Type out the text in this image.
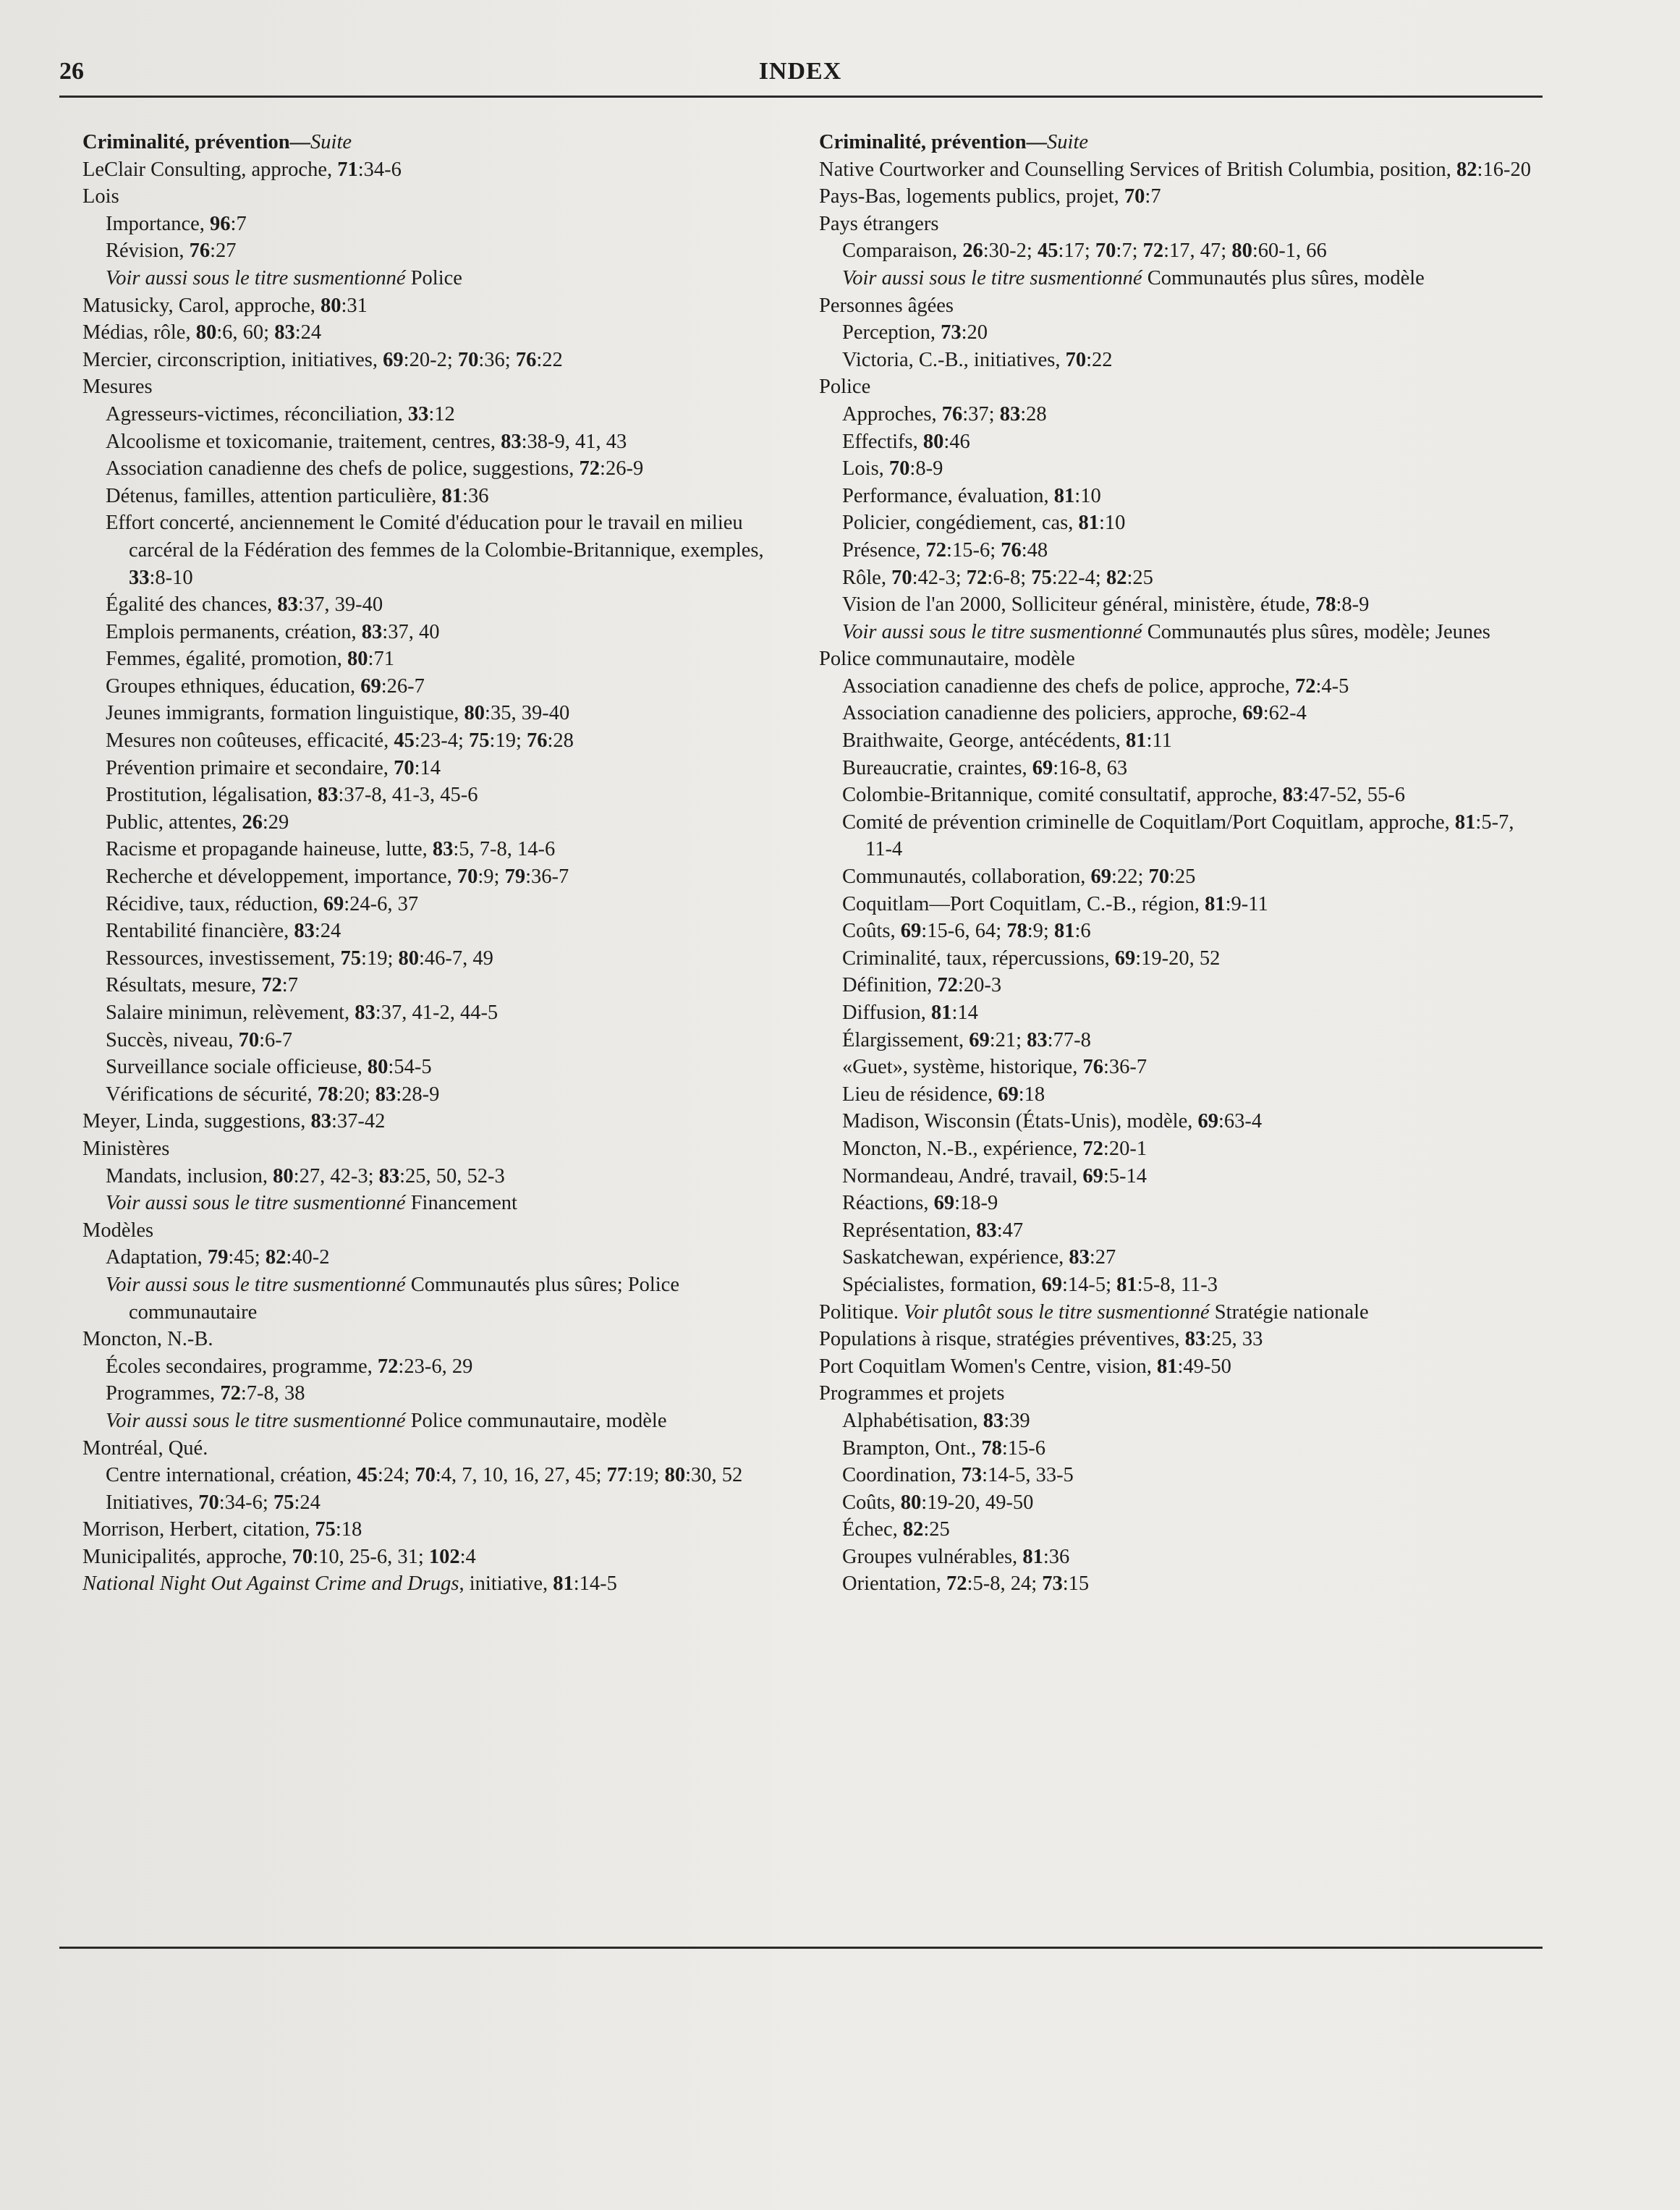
26	INDEX
Criminalité, prévention—Suite
LeClair Consulting, approche, 71:34-6
Lois
Importance, 96:7
Révision, 76:27
Voir aussi sous le titre susmentionné Police
Matusicky, Carol, approche, 80:31
Médias, rôle, 80:6, 60; 83:24
Mercier, circonscription, initiatives, 69:20-2; 70:36; 76:22
Mesures
Agresseurs-victimes, réconciliation, 33:12
Alcoolisme et toxicomanie, traitement, centres, 83:38-9, 41, 43
Association canadienne des chefs de police, suggestions, 72:26-9
Détenus, familles, attention particulière, 81:36
Effort concerté, anciennement le Comité d'éducation pour le travail en milieu carcéral de la Fédération des femmes de la Colombie-Britannique, exemples, 33:8-10
Égalité des chances, 83:37, 39-40
Emplois permanents, création, 83:37, 40
Femmes, égalité, promotion, 80:71
Groupes ethniques, éducation, 69:26-7
Jeunes immigrants, formation linguistique, 80:35, 39-40
Mesures non coûteuses, efficacité, 45:23-4; 75:19; 76:28
Prévention primaire et secondaire, 70:14
Prostitution, légalisation, 83:37-8, 41-3, 45-6
Public, attentes, 26:29
Racisme et propagande haineuse, lutte, 83:5, 7-8, 14-6
Recherche et développement, importance, 70:9; 79:36-7
Récidive, taux, réduction, 69:24-6, 37
Rentabilité financière, 83:24
Ressources, investissement, 75:19; 80:46-7, 49
Résultats, mesure, 72:7
Salaire minimun, relèvement, 83:37, 41-2, 44-5
Succès, niveau, 70:6-7
Surveillance sociale officieuse, 80:54-5
Vérifications de sécurité, 78:20; 83:28-9
Meyer, Linda, suggestions, 83:37-42
Ministères
Mandats, inclusion, 80:27, 42-3; 83:25, 50, 52-3
Voir aussi sous le titre susmentionné Financement
Modèles
Adaptation, 79:45; 82:40-2
Voir aussi sous le titre susmentionné Communautés plus sûres; Police communautaire
Moncton, N.-B.
Écoles secondaires, programme, 72:23-6, 29
Programmes, 72:7-8, 38
Voir aussi sous le titre susmentionné Police communautaire, modèle
Montréal, Qué.
Centre international, création, 45:24; 70:4, 7, 10, 16, 27, 45; 77:19; 80:30, 52
Initiatives, 70:34-6; 75:24
Morrison, Herbert, citation, 75:18
Municipalités, approche, 70:10, 25-6, 31; 102:4
National Night Out Against Crime and Drugs, initiative, 81:14-5
Criminalité, prévention—Suite
Native Courtworker and Counselling Services of British Columbia, position, 82:16-20
Pays-Bas, logements publics, projet, 70:7
Pays étrangers
Comparaison, 26:30-2; 45:17; 70:7; 72:17, 47; 80:60-1, 66
Voir aussi sous le titre susmentionné Communautés plus sûres, modèle
Personnes âgées
Perception, 73:20
Victoria, C.-B., initiatives, 70:22
Police
Approches, 76:37; 83:28
Effectifs, 80:46
Lois, 70:8-9
Performance, évaluation, 81:10
Policier, congédiement, cas, 81:10
Présence, 72:15-6; 76:48
Rôle, 70:42-3; 72:6-8; 75:22-4; 82:25
Vision de l'an 2000, Solliciteur général, ministère, étude, 78:8-9
Voir aussi sous le titre susmentionné Communautés plus sûres, modèle; Jeunes
Police communautaire, modèle
Association canadienne des chefs de police, approche, 72:4-5
Association canadienne des policiers, approche, 69:62-4
Braithwaite, George, antécédents, 81:11
Bureaucratie, craintes, 69:16-8, 63
Colombie-Britannique, comité consultatif, approche, 83:47-52, 55-6
Comité de prévention criminelle de Coquitlam/Port Coquitlam, approche, 81:5-7, 11-4
Communautés, collaboration, 69:22; 70:25
Coquitlam—Port Coquitlam, C.-B., région, 81:9-11
Coûts, 69:15-6, 64; 78:9; 81:6
Criminalité, taux, répercussions, 69:19-20, 52
Définition, 72:20-3
Diffusion, 81:14
Élargissement, 69:21; 83:77-8
«Guet», système, historique, 76:36-7
Lieu de résidence, 69:18
Madison, Wisconsin (États-Unis), modèle, 69:63-4
Moncton, N.-B., expérience, 72:20-1
Normandeau, André, travail, 69:5-14
Réactions, 69:18-9
Représentation, 83:47
Saskatchewan, expérience, 83:27
Spécialistes, formation, 69:14-5; 81:5-8, 11-3
Politique. Voir plutôt sous le titre susmentionné Stratégie nationale
Populations à risque, stratégies préventives, 83:25, 33
Port Coquitlam Women's Centre, vision, 81:49-50
Programmes et projets
Alphabétisation, 83:39
Brampton, Ont., 78:15-6
Coordination, 73:14-5, 33-5
Coûts, 80:19-20, 49-50
Échec, 82:25
Groupes vulnérables, 81:36
Orientation, 72:5-8, 24; 73:15
